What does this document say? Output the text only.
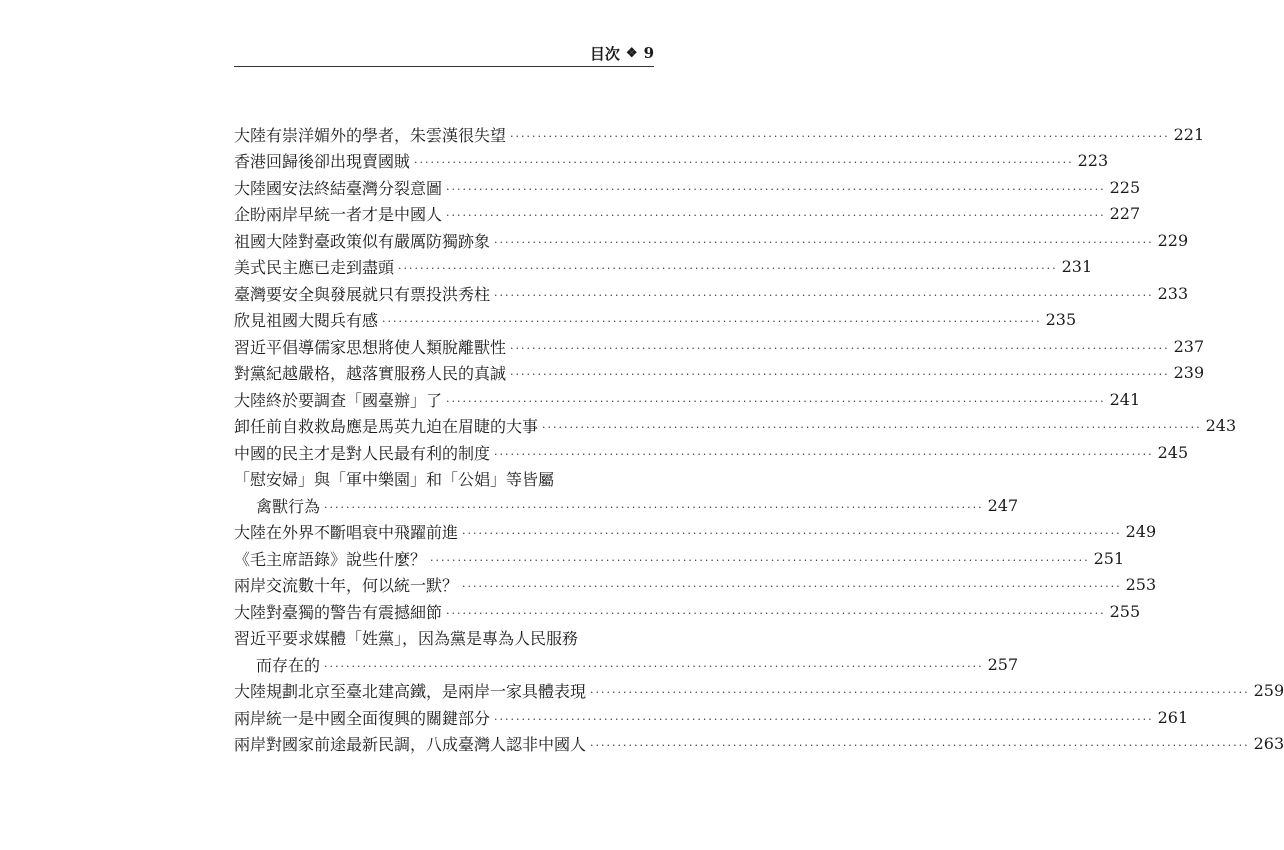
目次 ❖ 9
大陸有崇洋媚外的學者，朱雲漢很失望 ························································································································ 221
香港回歸後卻出現賣國賊 ························································································································ 223
大陸國安法終結臺灣分裂意圖 ························································································································ 225
企盼兩岸早統一者才是中國人 ························································································································ 227
祖國大陸對臺政策似有嚴厲防獨跡象 ························································································································ 229
美式民主應已走到盡頭 ························································································································ 231
臺灣要安全與發展就只有票投洪秀柱 ························································································································ 233
欣見祖國大閱兵有感 ························································································································ 235
習近平倡導儒家思想將使人類脫離獸性 ························································································································ 237
對黨紀越嚴格，越落實服務人民的真誠 ························································································································ 239
大陸終於要調查「國臺辦」了 ························································································································ 241
卸任前自救救島應是馬英九迫在眉睫的大事 ························································································································ 243
中國的民主才是對人民最有利的制度 ························································································································ 245
「慰安婦」與「軍中樂園」和「公娼」等皆屬
禽獸行為 ························································································································ 247
大陸在外界不斷唱衰中飛躍前進 ························································································································ 249
《毛主席語錄》說些什麼？ ························································································································ 251
兩岸交流數十年，何以統一默？ ························································································································ 253
大陸對臺獨的警告有震撼細節 ························································································································ 255
習近平要求媒體「姓黨」，因為黨是專為人民服務
而存在的 ························································································································ 257
大陸規劃北京至臺北建高鐵，是兩岸一家具體表現 ························································································································ 259
兩岸統一是中國全面復興的關鍵部分 ························································································································ 261
兩岸對國家前途最新民調，八成臺灣人認非中國人 ························································································································ 263
